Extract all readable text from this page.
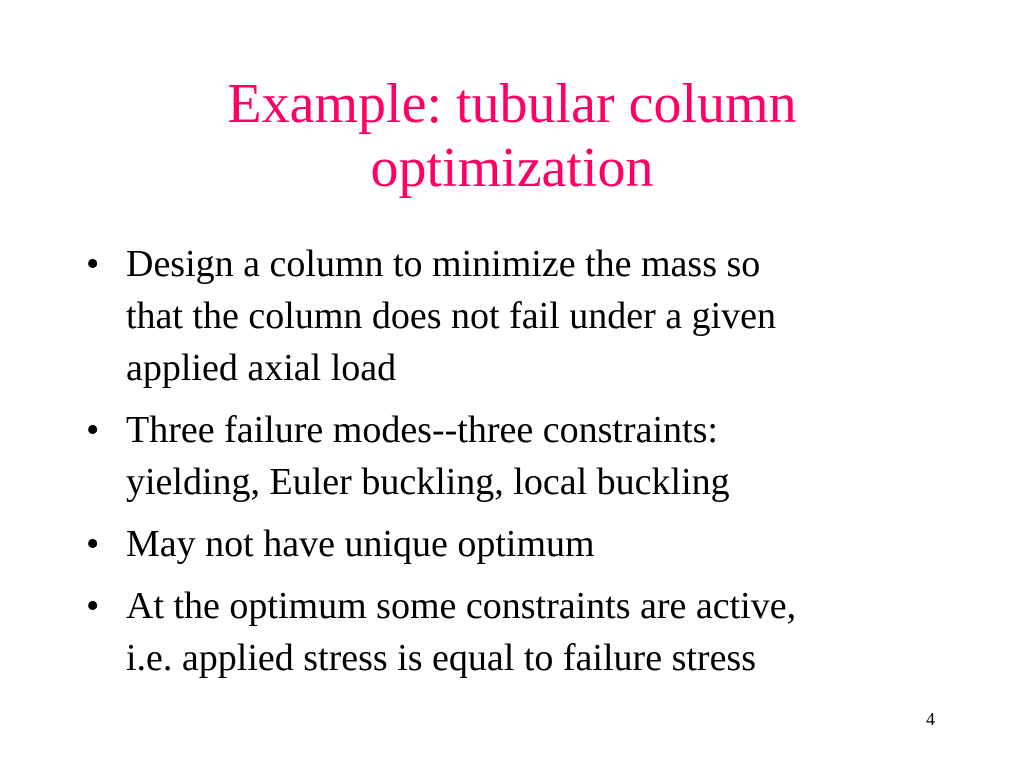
Example: tubular column
optimization
• Design a column to minimize the mass so
that the column does not fail under a given
applied axial load
• Three failure modes--three constraints:
yielding, Euler buckling, local buckling
• May not have unique optimum
• At the optimum some constraints are active,
i.e. applied stress is equal to failure stress
4
